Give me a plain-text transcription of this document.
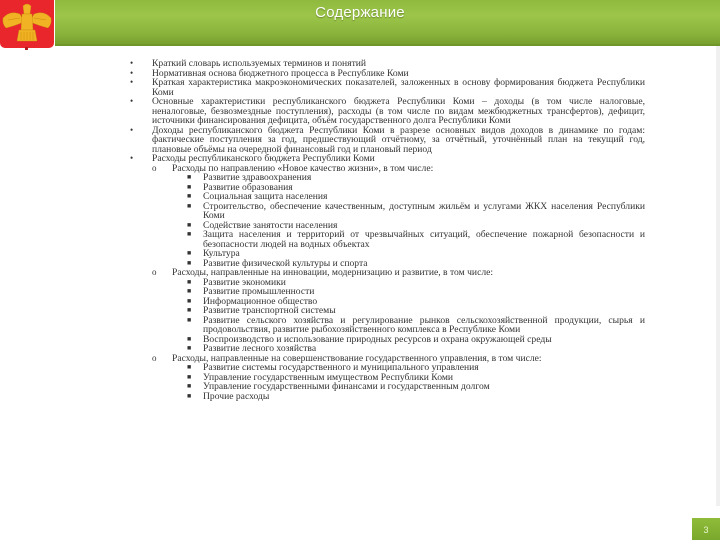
Содержание
• Краткий словарь используемых терминов и понятий
• Нормативная основа бюджетного процесса в Республике Коми
• Краткая характеристика макроэкономических показателей, заложенных в основу формирования бюджета Республики Коми
• Основные характеристики республиканского бюджета Республики Коми – доходы (в том числе налоговые, неналоговые, безвозмездные поступления), расходы (в том числе по видам межбюджетных трансфертов), дефицит, источники финансирования дефицита, объём государственного долга Республики Коми
• Доходы республиканского бюджета Республики Коми в разрезе основных видов доходов в динамике по годам: фактические поступления за год, предшествующий отчётному, за отчётный, уточнённый план на текущий год, плановые объёмы на очередной финансовый год и плановый период
• Расходы республиканского бюджета Республики Коми
o Расходы по направлению «Новое качество жизни», в том числе:
■ Развитие здравоохранения
■ Развитие образования
■ Социальная защита населения
■ Строительство, обеспечение качественным, доступным жильём и услугами ЖКХ населения Республики Коми
■ Содействие занятости населения
■ Защита населения и территорий от чрезвычайных ситуаций, обеспечение пожарной безопасности и безопасности людей на водных объектах
■ Культура
■ Развитие физической культуры и спорта
o Расходы, направленные на инновации, модернизацию и развитие, в том числе:
■ Развитие экономики
■ Развитие промышленности
■ Информационное общество
■ Развитие транспортной системы
■ Развитие сельского хозяйства и регулирование рынков сельскохозяйственной продукции, сырья и продовольствия, развитие рыбохозяйственного комплекса в Республике Коми
■ Воспроизводство и использование природных ресурсов и охрана окружающей среды
■ Развитие лесного хозяйства
o Расходы, направленные на совершенствование государственного управления, в том числе:
■ Развитие системы государственного и муниципального управления
■ Управление государственным имуществом Республики Коми
■ Управление государственными финансами и государственным долгом
■ Прочие расходы
3
